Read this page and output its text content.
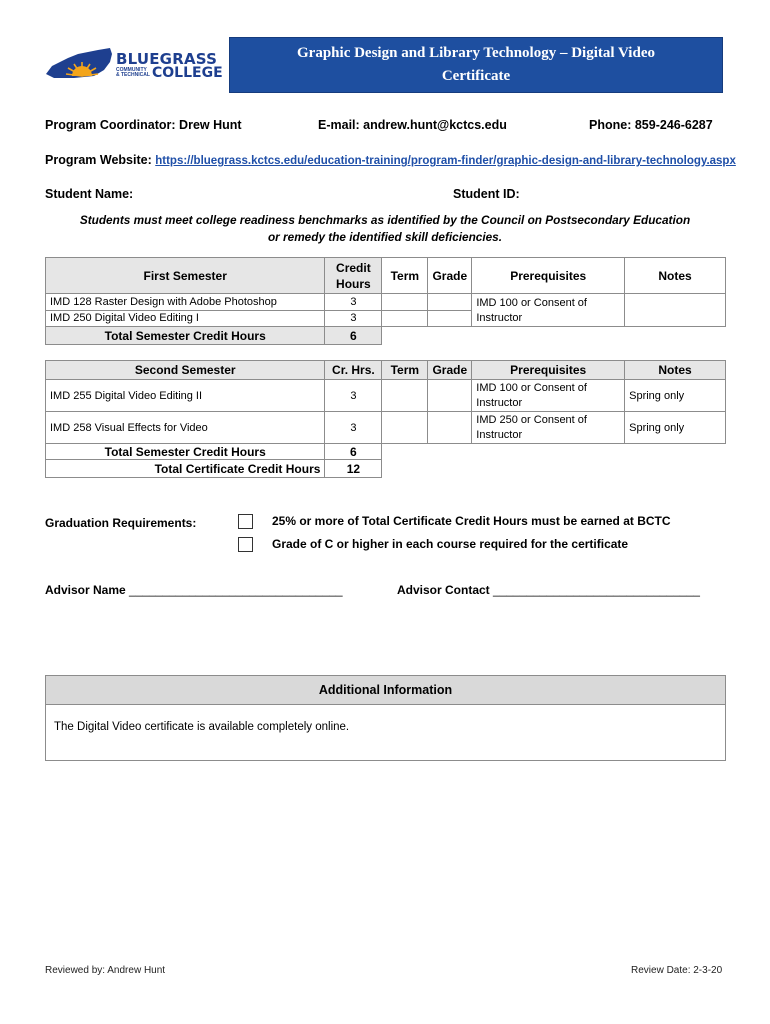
BLUEGRASS
COMMUNITY
& TECHNICAL COLLEGE
Graphic Design and Library Technology – Digital Video
Certificate
Program Coordinator: Drew Hunt	E-mail: andrew.hunt@kctcs.edu	Phone: 859-246-6287
Program Website: https://bluegrass.kctcs.edu/education-training/program-finder/graphic-design-and-library-technology.aspx
Student Name:	Student ID:
Students must meet college readiness benchmarks as identified by the Council on Postsecondary Education
or remedy the identified skill deficiencies.
First Semester	Credit
Hours	Term	Grade	Prerequisites	Notes
IMD 128 Raster Design with Adobe Photoshop	3			IMD 100 or Consent of Instructor	
IMD 250 Digital Video Editing I	3				
Total Semester Credit Hours	6				
Second Semester	Cr. Hrs.	Term	Grade	Prerequisites	Notes
IMD 255 Digital Video Editing II	3			IMD 100 or Consent of Instructor	Spring only
IMD 258 Visual Effects for Video	3			IMD 250 or Consent of Instructor	Spring only
Total Semester Credit Hours	6				
Total Certificate Credit Hours	12				
Graduation Requirements:	25% or more of Total Certificate Credit Hours must be earned at BCTC
Grade of C or higher in each course required for the certificate
Advisor Name ________________________________	Advisor Contact _______________________________
Additional Information
The Digital Video certificate is available completely online.
Reviewed by: Andrew Hunt	Review Date: 2-3-20
